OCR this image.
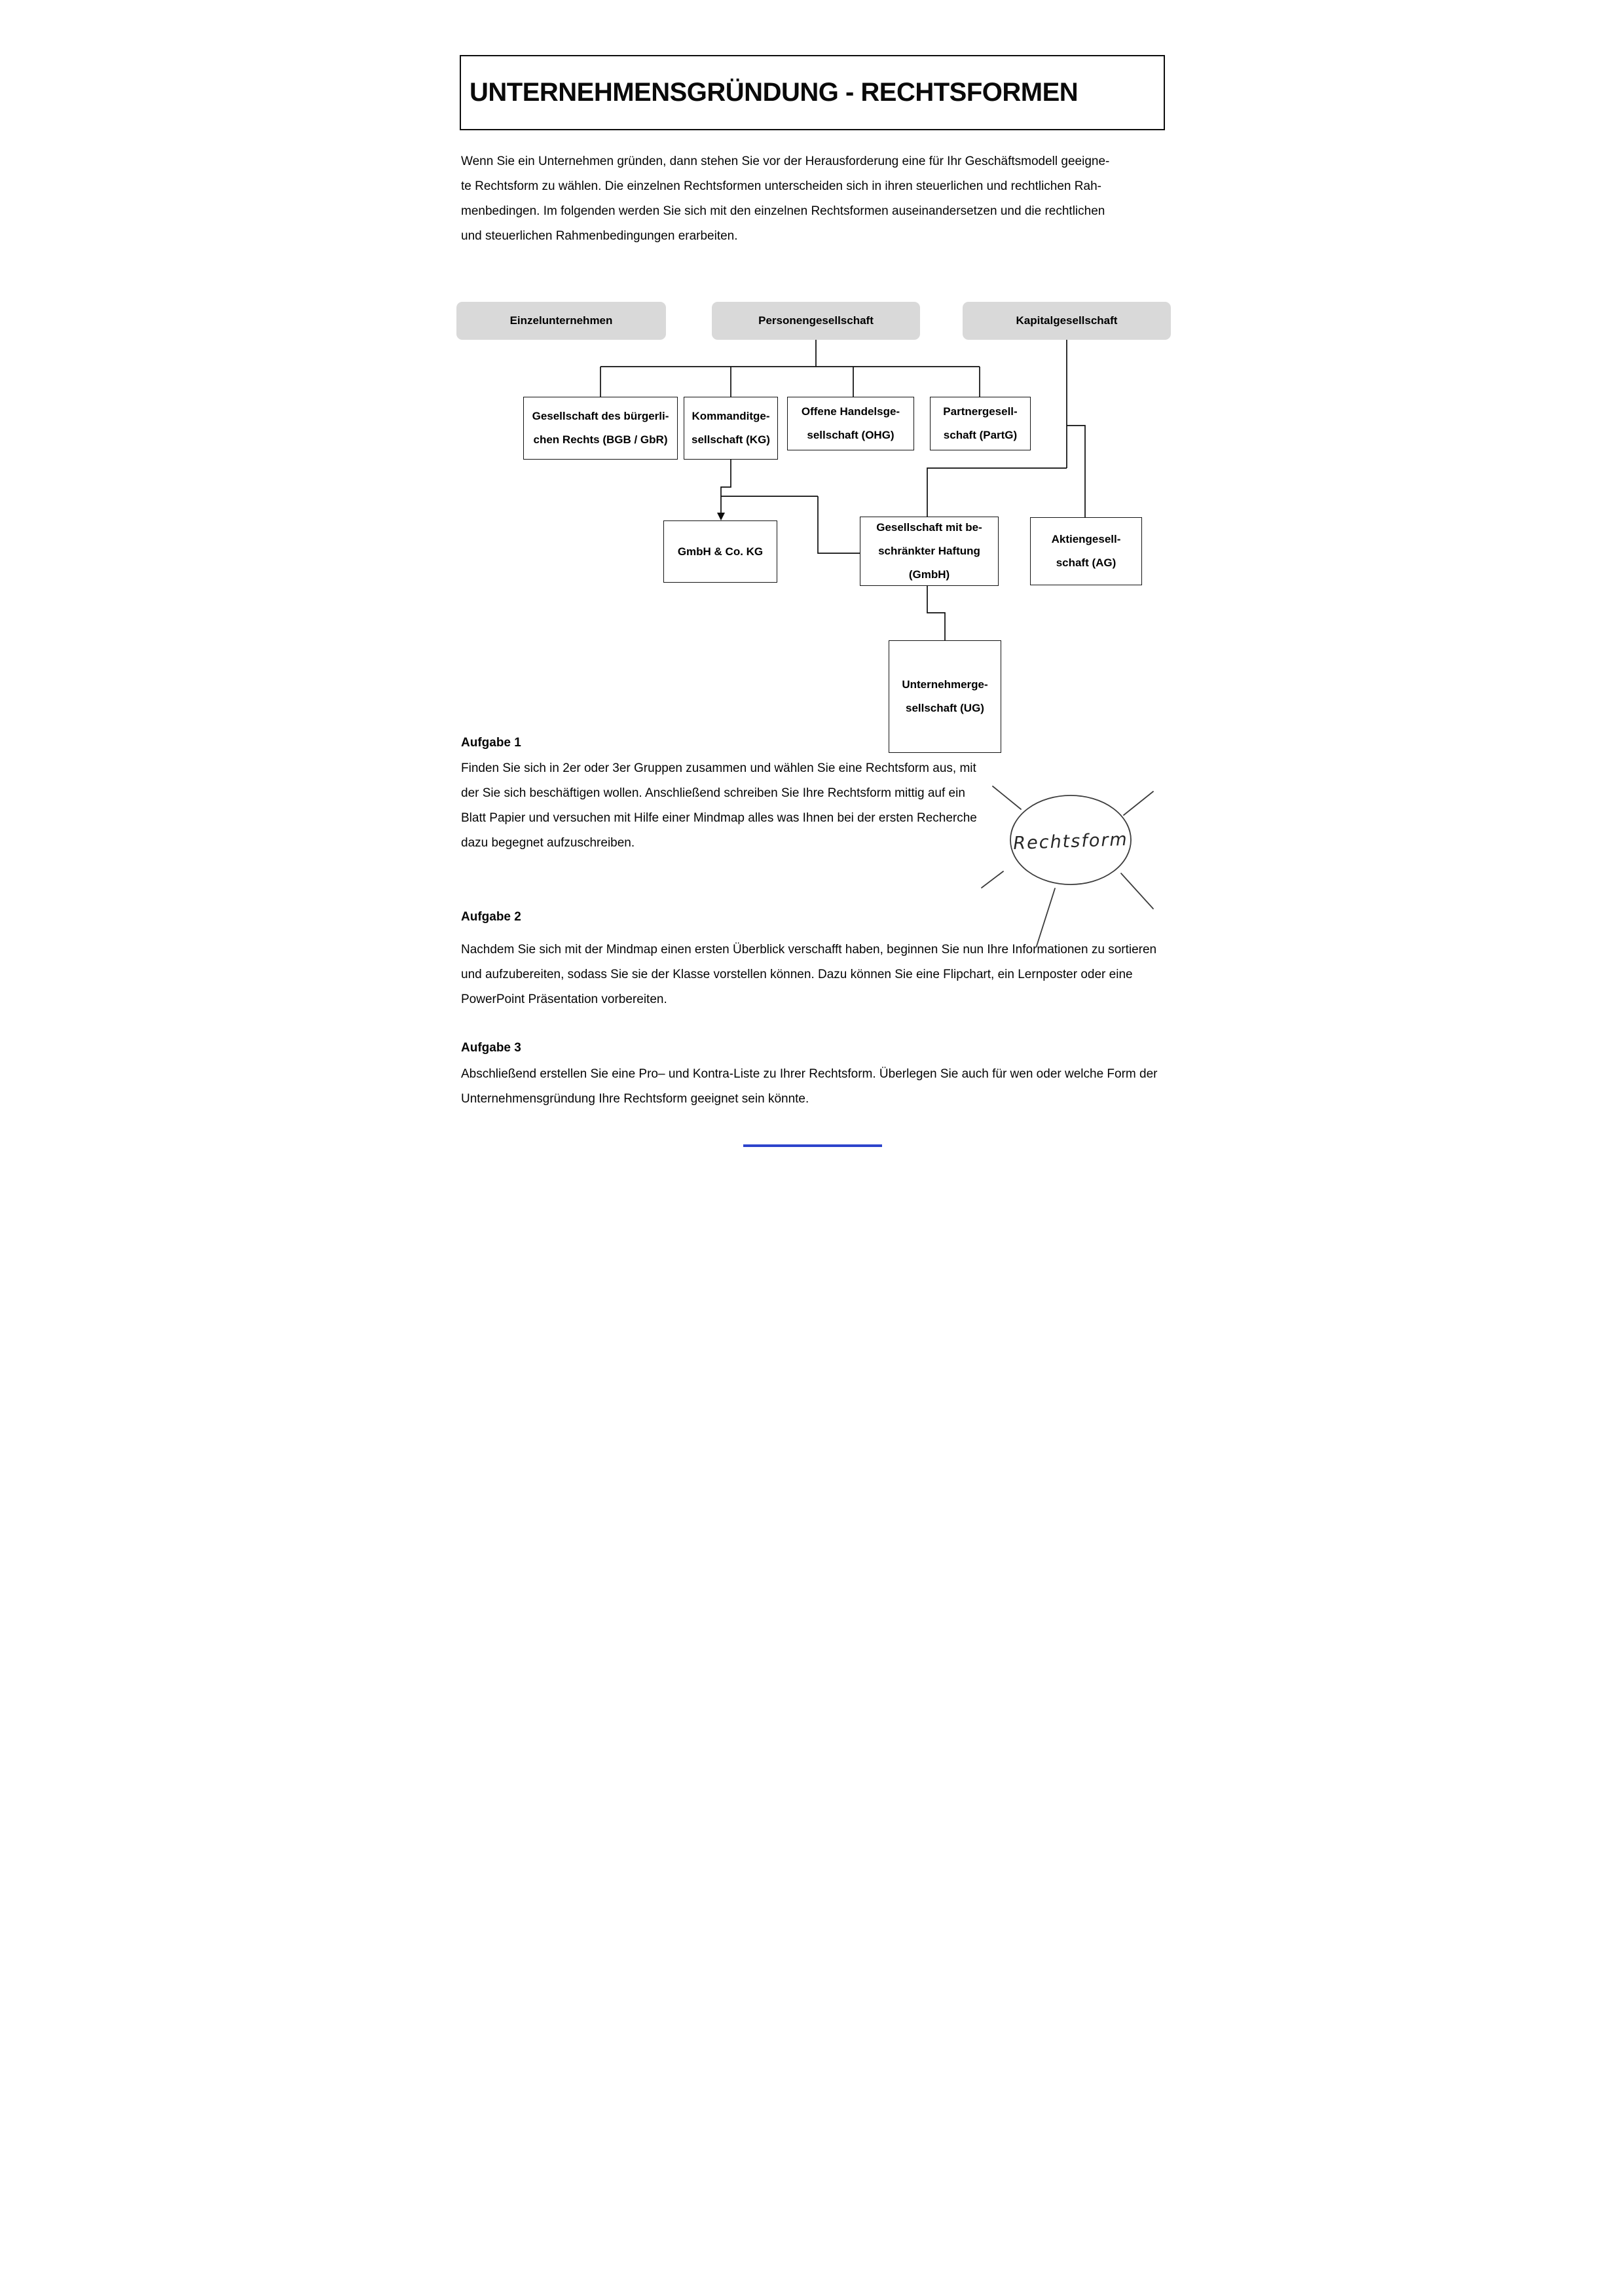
UNTERNEHMENSGRÜNDUNG - RECHTSFORMEN
Wenn Sie ein Unternehmen gründen, dann stehen Sie vor der Herausforderung eine für Ihr Geschäftsmodell geeigne-
te Rechtsform zu wählen. Die einzelnen Rechtsformen unterscheiden sich in ihren steuerlichen und rechtlichen Rah-
menbedingen. Im folgenden werden Sie sich mit den einzelnen Rechtsformen auseinandersetzen und die rechtlichen
und steuerlichen Rahmenbedingungen erarbeiten.
Rechtsform
Einzelunternehmen	Personengesellschaft	Kapitalgesellschaft
Gesellschaft des bürgerli-
chen Rechts (BGB / GbR)
Kommanditge-
sellschaft (KG)
Offene Handelsge-
sellschaft (OHG)
Partnergesell-
schaft (PartG)
GmbH & Co. KG
Gesellschaft mit be-
schränkter Haftung
(GmbH)
Aktiengesell-
schaft (AG)
Unternehmerge-
sellschaft (UG)
Aufgabe 1
Finden Sie sich in 2er oder 3er Gruppen zusammen und wählen Sie eine Rechtsform aus, mit
der Sie sich beschäftigen wollen. Anschließend schreiben Sie Ihre Rechtsform mittig auf ein
Blatt Papier und versuchen mit Hilfe einer Mindmap alles was Ihnen bei der ersten Recherche
dazu begegnet aufzuschreiben.
Aufgabe 2
Nachdem Sie sich mit der Mindmap einen ersten Überblick verschafft haben, beginnen Sie nun Ihre Informationen zu sortieren
und aufzubereiten, sodass Sie sie der Klasse vorstellen können. Dazu können Sie eine Flipchart, ein Lernposter oder eine
PowerPoint Präsentation vorbereiten.
Aufgabe 3
Abschließend erstellen Sie eine Pro– und Kontra-Liste zu Ihrer Rechtsform. Überlegen Sie auch für wen oder welche Form der
Unternehmensgründung Ihre Rechtsform geeignet sein könnte.
